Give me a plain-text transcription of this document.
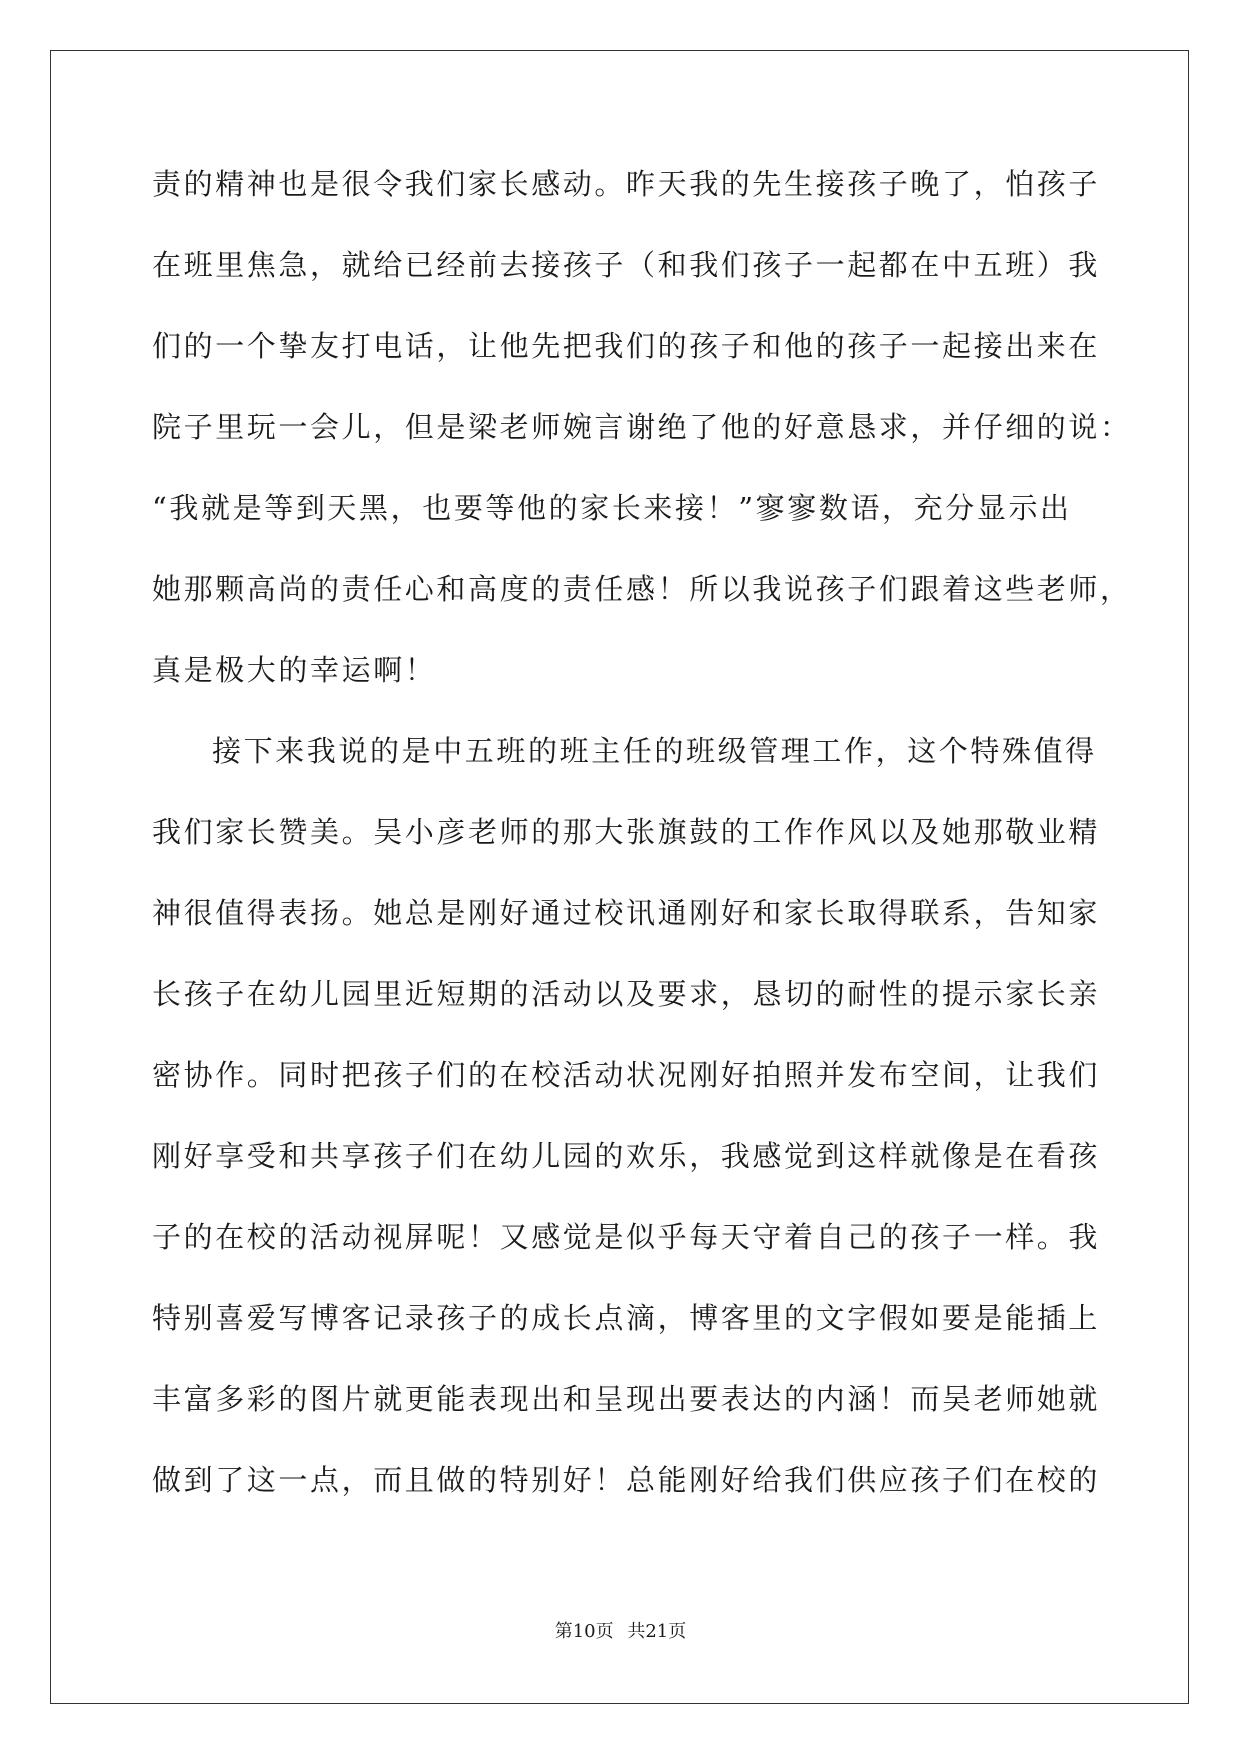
责的精神也是很令我们家长感动。昨天我的先生接孩子晚了，怕孩子

在班里焦急，就给已经前去接孩子（和我们孩子一起都在中五班）我

们的一个挚友打电话，让他先把我们的孩子和他的孩子一起接出来在

院子里玩一会儿，但是梁老师婉言谢绝了他的好意恳求，并仔细的说：

“我就是等到天黑，也要等他的家长来接！”寥寥数语，充分显示出

她那颗高尚的责任心和高度的责任感！所以我说孩子们跟着这些老师，

真是极大的幸运啊！

接下来我说的是中五班的班主任的班级管理工作，这个特殊值得

我们家长赞美。吴小彦老师的那大张旗鼓的工作作风以及她那敬业精

神很值得表扬。她总是刚好通过校讯通刚好和家长取得联系，告知家

长孩子在幼儿园里近短期的活动以及要求，恳切的耐性的提示家长亲

密协作。同时把孩子们的在校活动状况刚好拍照并发布空间，让我们

刚好享受和共享孩子们在幼儿园的欢乐，我感觉到这样就像是在看孩

子的在校的活动视屏呢！又感觉是似乎每天守着自己的孩子一样。我

特别喜爱写博客记录孩子的成长点滴，博客里的文字假如要是能插上

丰富多彩的图片就更能表现出和呈现出要表达的内涵！而吴老师她就

做到了这一点，而且做的特别好！总能刚好给我们供应孩子们在校的

第10页 共21页
